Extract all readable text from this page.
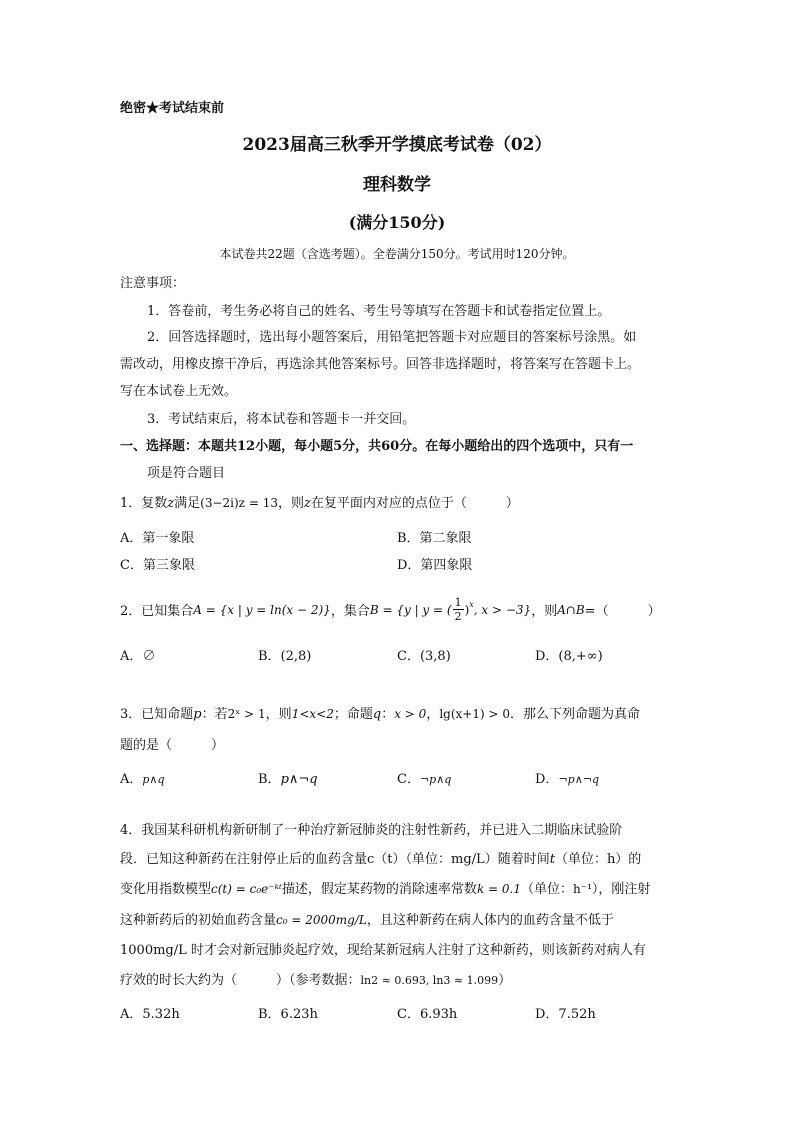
绝密★考试结束前
2023届高三秋季开学摸底考试卷（02）
理科数学
(满分150分)
本试卷共22题（含选考题）。全卷满分150分。考试用时120分钟。
注意事项：
1．答卷前，考生务必将自己的姓名、考生号等填写在答题卡和试卷指定位置上。
2．回答选择题时，选出每小题答案后，用铅笔把答题卡对应题目的答案标号涂黑。如
需改动，用橡皮擦干净后，再选涂其他答案标号。回答非选择题时，将答案写在答题卡上。
写在本试卷上无效。
3．考试结束后，将本试卷和答题卡一并交回。
一、选择题：本题共12小题，每小题5分，共60分。在每小题给出的四个选项中，只有一
项是符合题目
1．复数z满足(3−2i)z = 13，则z在复平面内对应的点位于（　　　）
A．第一象限	B．第二象限
C．第三象限	D．第四象限
2．已知集合 A = {x | y = ln(x − 2)} ，集合 B = {y | y = ( $\frac{1}{2} )^x$ , x > −3} ，则 A∩B =（　　　）
A．∅	B．(2,8)	C．(3,8)	D．(8,+∞)
3．已知命题p：若2ˣ > 1，则1<x<2；命题q：x > 0，lg(x+1) > 0．那么下列命题为真命
题的是（　　　）
A．p∧q	B．p∧¬q	C．¬p∧q	D．¬p∧¬q
4．我国某科研机构新研制了一种治疗新冠肺炎的注射性新药，并已进入二期临床试验阶
段．已知这种新药在注射停止后的血药含量c（t）（单位：mg/L）随着时间t（单位：h）的
变化用指数模型c(t) = c₀e⁻ᵏᵗ描述，假定某药物的消除速率常数k = 0.1（单位：h⁻¹），刚注射
这种新药后的初始血药含量c₀ = 2000mg/L，且这种新药在病人体内的血药含量不低于
1000mg/L 时才会对新冠肺炎起疗效，现给某新冠病人注射了这种新药，则该新药对病人有
疗效的时长大约为（　　　）（参考数据：ln2 ≈ 0.693, ln3 ≈ 1.099）
A．5.32h	B．6.23h	C．6.93h	D．7.52h
